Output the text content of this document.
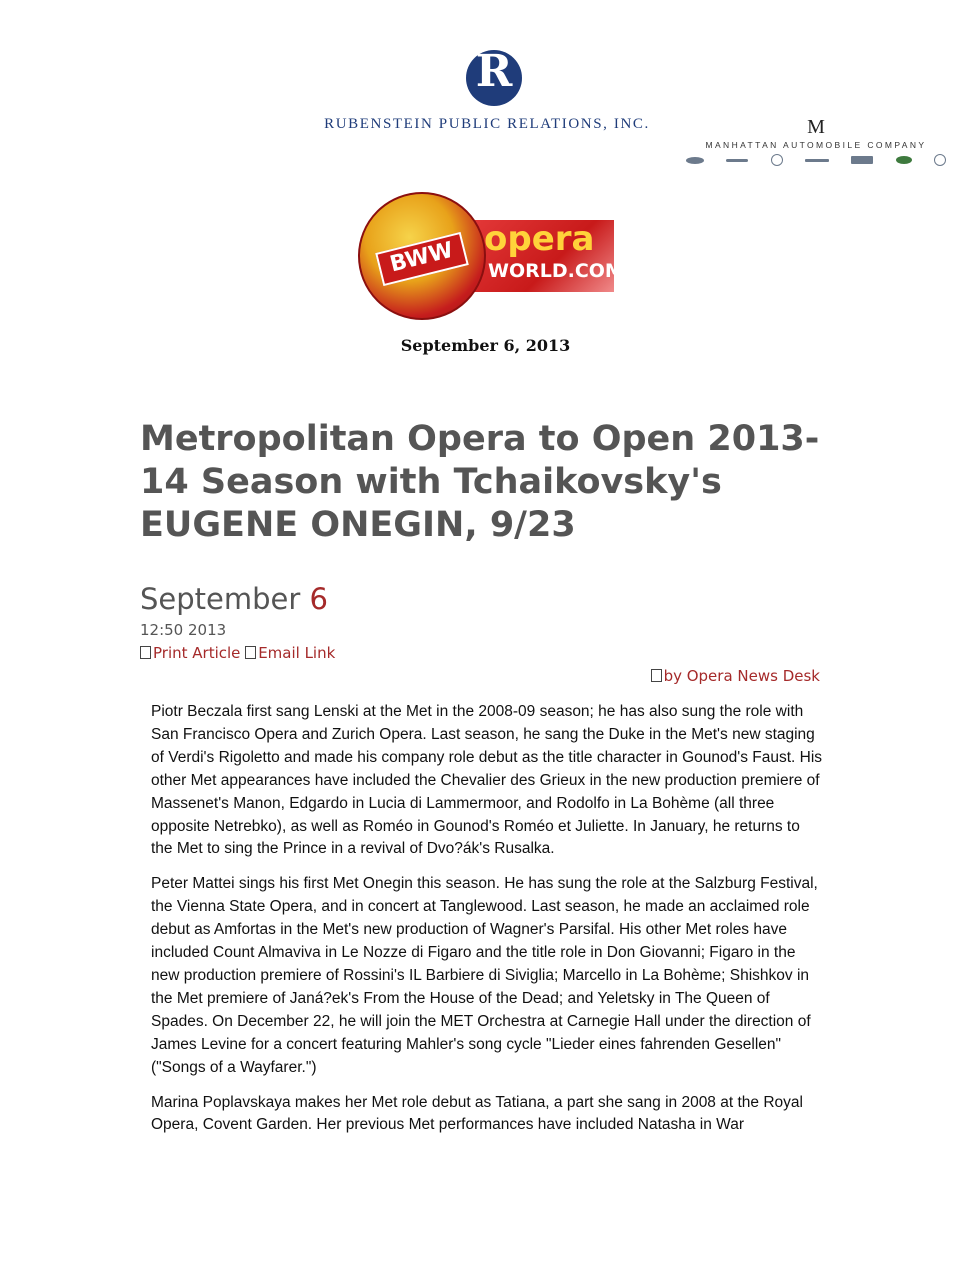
R
RUBENSTEIN PUBLIC RELATIONS, INC.	M
MANHATTAN AUTOMOBILE COMPANY
BWW opera
WORLD.COM
September 6, 2013
Metropolitan Opera to Open 2013-14 Season with Tchaikovsky's EUGENE ONEGIN, 9/23
September 6
12:50 2013
Print Article Email Link
by Opera News Desk

Piotr Beczala first sang Lenski at the Met in the 2008-09 season; he has also sung the role with San Francisco Opera and Zurich Opera. Last season, he sang the Duke in the Met's new staging of Verdi's Rigoletto and made his company role debut as the title character in Gounod's Faust. His other Met appearances have included the Chevalier des Grieux in the new production premiere of Massenet's Manon, Edgardo in Lucia di Lammermoor, and Rodolfo in La Bohème (all three opposite Netrebko), as well as Roméo in Gounod's Roméo et Juliette. In January, he returns to the Met to sing the Prince in a revival of Dvo?ák's Rusalka.

Peter Mattei sings his first Met Onegin this season. He has sung the role at the Salzburg Festival, the Vienna State Opera, and in concert at Tanglewood. Last season, he made an acclaimed role debut as Amfortas in the Met's new production of Wagner's Parsifal. His other Met roles have included Count Almaviva in Le Nozze di Figaro and the title role in Don Giovanni; Figaro in the new production premiere of Rossini's IL Barbiere di Siviglia; Marcello in La Bohème; Shishkov in the Met premiere of Janá?ek's From the House of the Dead; and Yeletsky in The Queen of Spades. On December 22, he will join the MET Orchestra at Carnegie Hall under the direction of James Levine for a concert featuring Mahler's song cycle "Lieder eines fahrenden Gesellen" ("Songs of a Wayfarer.")

Marina Poplavskaya makes her Met role debut as Tatiana, a part she sang in 2008 at the Royal Opera, Covent Garden. Her previous Met performances have included Natasha in War
